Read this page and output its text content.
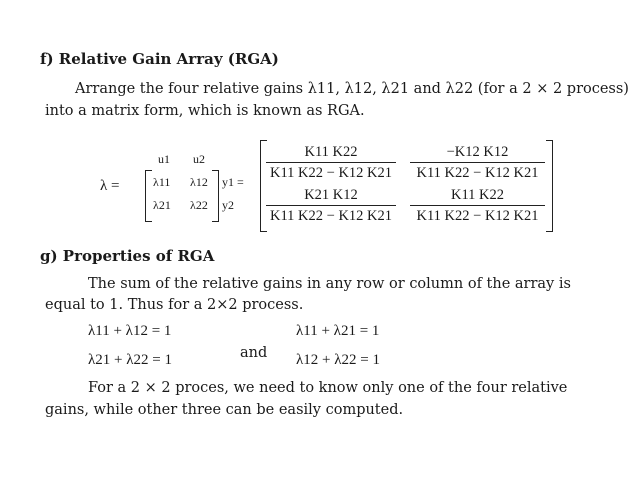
f) Relative Gain Array (RGA)
Arrange the four relative gains λ11, λ12, λ21 and λ22 (for a 2 × 2 process)
into a matrix form, which is known as RGA.
u1 u2
λ =	λ11 λ12
λ21 λ22
y1 =
y2
K11 K22
K11 K22 − K12 K21
−K12 K12
K11 K22 − K12 K21
K21 K12
K11 K22 − K12 K21
K11 K22
K11 K22 − K12 K21
g) Properties of RGA
The sum of the relative gains in any row or column of the array is
equal to 1. Thus for a 2×2 process.
λ11 + λ12 = 1
λ21 + λ22 = 1	and
λ11 + λ21 = 1
λ12 + λ22 = 1
For a 2 × 2 proces, we need to know only one of the four relative
gains, while other three can be easily computed.
